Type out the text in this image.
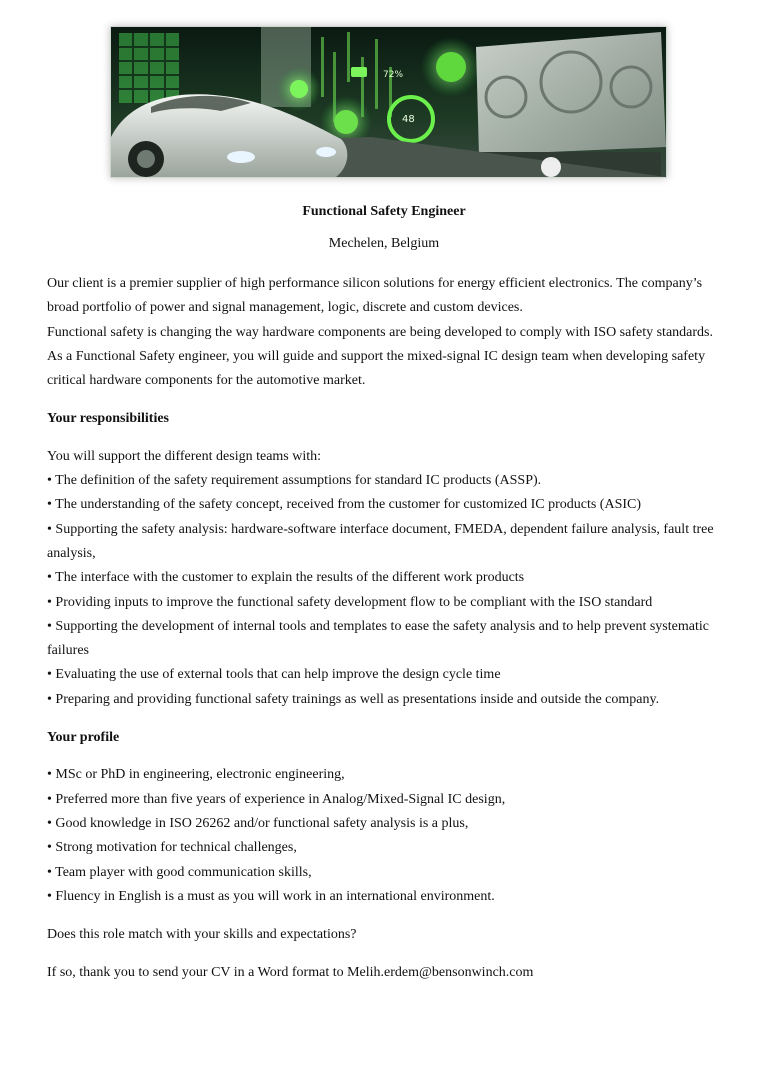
72%
48
Functional Safety Engineer
Mechelen, Belgium

Our client is a premier supplier of high performance silicon solutions for energy efficient electronics. The company’s

broad portfolio of power and signal management, logic, discrete and custom devices.

Functional safety is changing the way hardware components are being developed to comply with ISO safety standards.

As a Functional Safety engineer, you will guide and support the mixed-signal IC design team when developing safety

critical hardware components for the automotive market.

Your responsibilities

You will support the different design teams with:

• The definition of the safety requirement assumptions for standard IC products (ASSP).

• The understanding of the safety concept, received from the customer for customized IC products (ASIC)

• Supporting the safety analysis: hardware-software interface document, FMEDA, dependent failure analysis, fault tree

analysis,

• The interface with the customer to explain the results of the different work products

• Providing inputs to improve the functional safety development flow to be compliant with the ISO standard

• Supporting the development of internal tools and templates to ease the safety analysis and to help prevent systematic

failures

• Evaluating the use of external tools that can help improve the design cycle time

• Preparing and providing functional safety trainings as well as presentations inside and outside the company.

Your profile

• MSc or PhD in engineering, electronic engineering,

• Preferred more than five years of experience in Analog/Mixed-Signal IC design,

• Good knowledge in ISO 26262 and/or functional safety analysis is a plus,

• Strong motivation for technical challenges,

• Team player with good communication skills,

• Fluency in English is a must as you will work in an international environment.

Does this role match with your skills and expectations?

If so, thank you to send your CV in a Word format to Melih.erdem@bensonwinch.com
